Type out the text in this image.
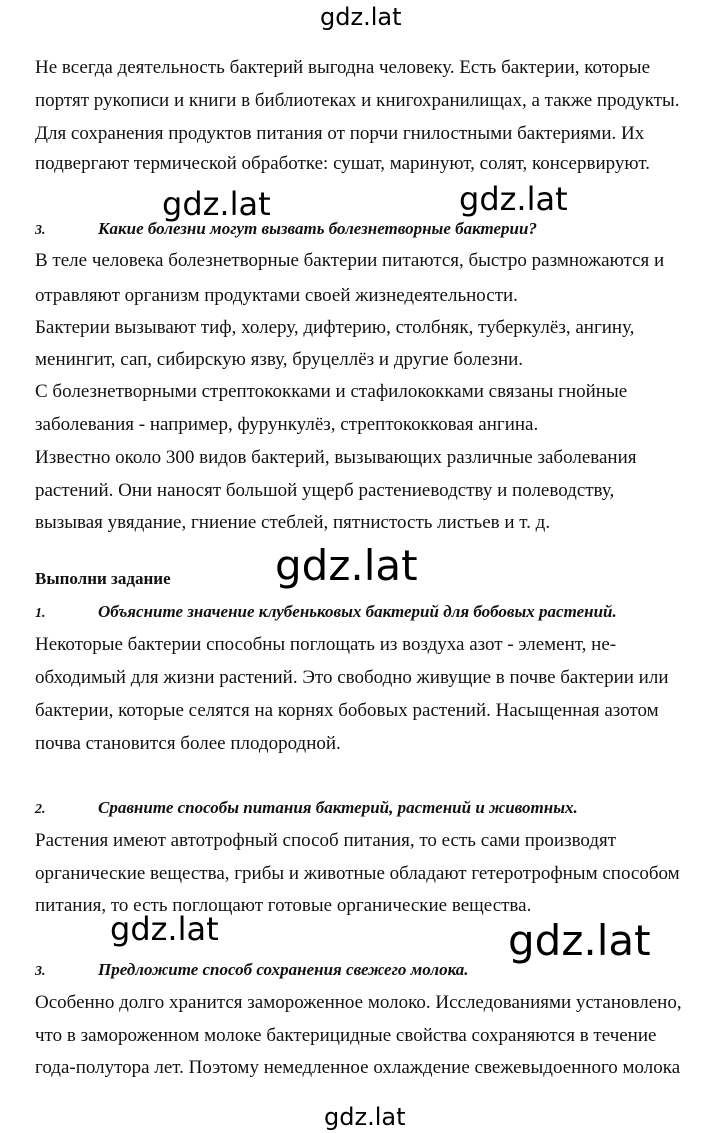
gdz.lat
gdz.lat	gdz.lat
gdz.lat
gdz.lat	gdz.lat
gdz.lat
Не всегда деятельность бактерий выгодна человеку. Есть бактерии, которые
портят рукописи и книги в библиотеках и книгохранилищах, а также продукты.
Для сохранения продуктов питания от порчи гнилостными бактериями. Их
подвергают термической обработке: сушат, маринуют, солят, консервируют.
3.	Какие болезни могут вызвать болезнетворные бактерии?
В теле человека болезнетворные бактерии питаются, быстро размножаются и
отравляют организм продуктами своей жизнедеятельности.
Бактерии вызывают тиф, холеру, дифтерию, столбняк, туберкулёз, ангину,
менингит, сап, сибирскую язву, бруцеллёз и другие болезни.
С болезнетворными стрептококками и стафилококками связаны гнойные
заболевания - например, фурункулёз, стрептококковая ангина.
Известно около 300 видов бактерий, вызывающих различные заболевания
растений. Они наносят большой ущерб растениеводству и полеводству,
вызывая увядание, гниение стеблей, пятнистость листьев и т. д.
Выполни задание
1.	Объясните значение клубеньковых бактерий для бобовых растений.
Некоторые бактерии способны поглощать из воздуха азот - элемент, не-
обходимый для жизни растений. Это свободно живущие в почве бактерии или
бактерии, которые селятся на корнях бобовых растений. Насыщенная азотом
почва становится более плодородной.
2.	Сравните способы питания бактерий, растений и животных.
Растения имеют автотрофный способ питания, то есть сами производят
органические вещества, грибы и животные обладают гетеротрофным способом
питания, то есть поглощают готовые органические вещества.
3.	Предложите способ сохранения свежего молока.
Особенно долго хранится замороженное молоко. Исследованиями установлено,
что в замороженном молоке бактерицидные свойства сохраняются в течение
года-полутора лет. Поэтому немедленное охлаждение свежевыдоенного молока
